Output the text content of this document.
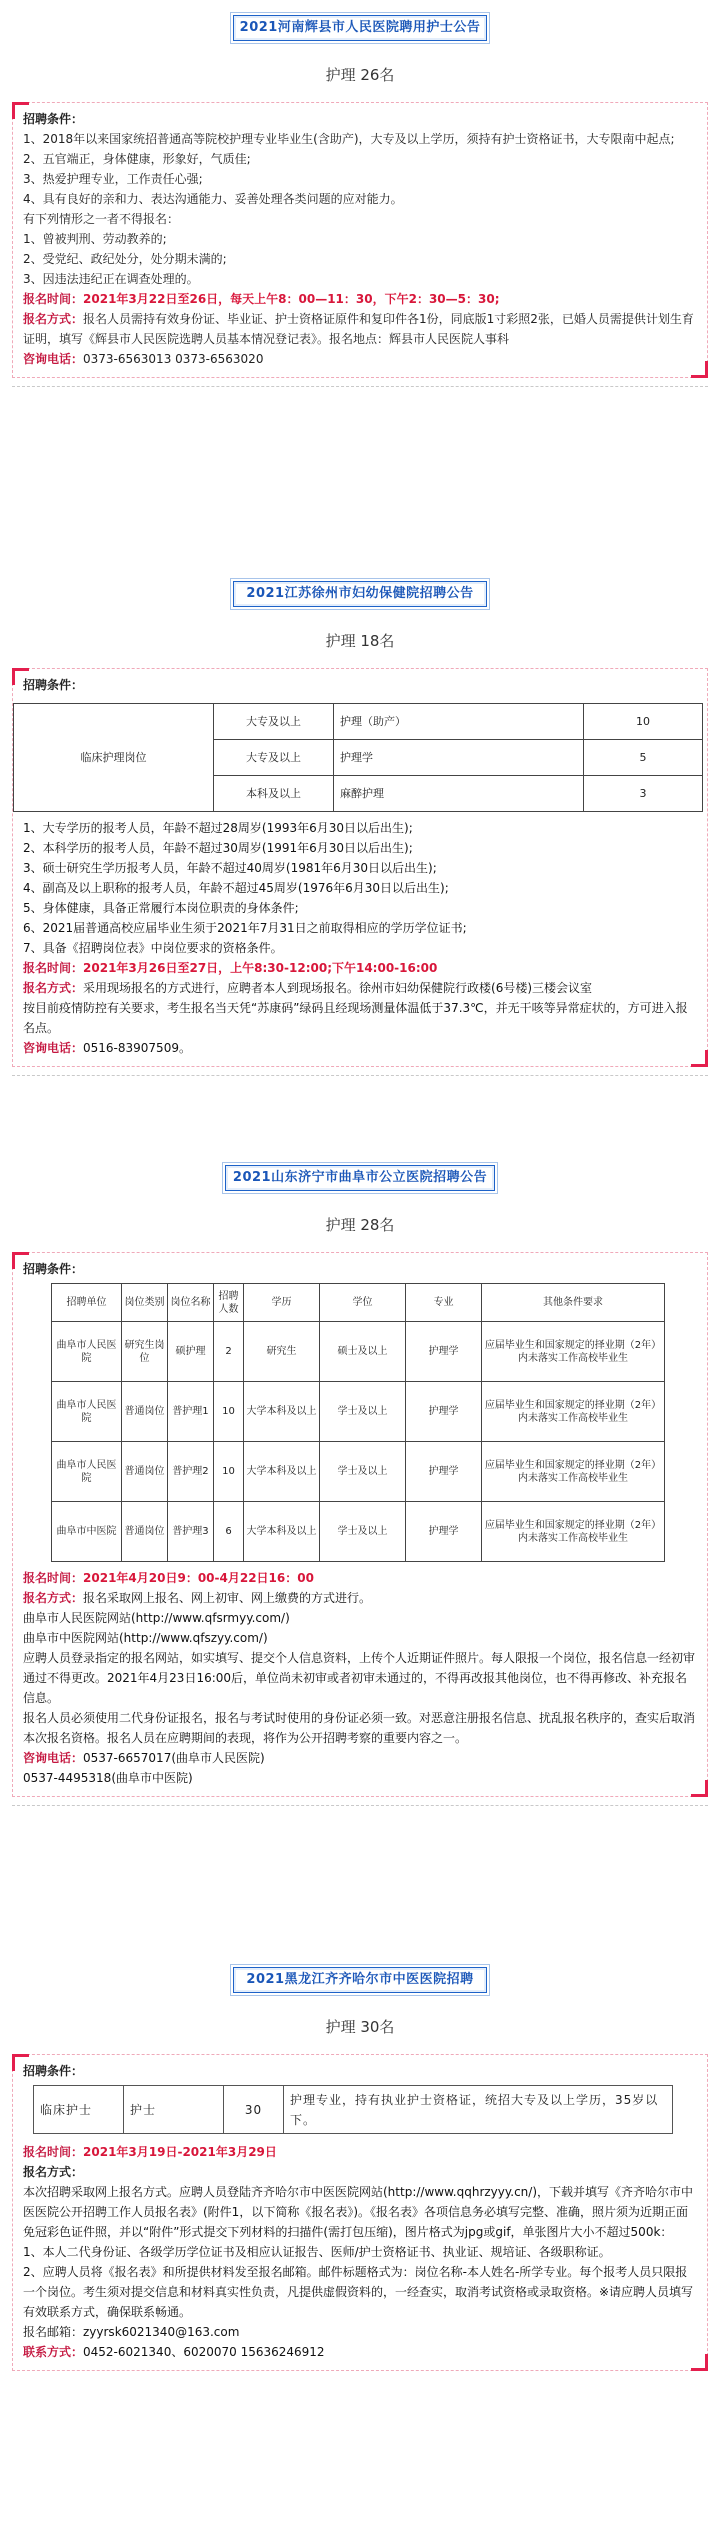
2021河南辉县市人民医院聘用护士公告
护理 26名
招聘条件：
1、2018年以来国家统招普通高等院校护理专业毕业生(含助产)，大专及以上学历，须持有护士资格证书，大专限南中起点;
2、五官端正，身体健康，形象好，气质佳;
3、热爱护理专业，工作责任心强;
4、具有良好的亲和力、表达沟通能力、妥善处理各类问题的应对能力。
有下列情形之一者不得报名：
1、曾被判刑、劳动教养的;
2、受党纪、政纪处分，处分期未满的;
3、因违法违纪正在调查处理的。
报名时间：2021年3月22日至26日，每天上午8：00—11：30，下午2：30—5：30;
报名方式：报名人员需持有效身份证、毕业证、护士资格证原件和复印件各1份，同底版1寸彩照2张，已婚人员需提供计划生育证明，填写《辉县市人民医院选聘人员基本情况登记表》。报名地点：辉县市人民医院人事科
咨询电话：0373-6563013 0373-6563020
2021江苏徐州市妇幼保健院招聘公告
护理 18名
招聘条件：
临床护理岗位	大专及以上	护理（助产）	10
	大专及以上	护理学	5
	本科及以上	麻醉护理	3
1、大专学历的报考人员，年龄不超过28周岁(1993年6月30日以后出生);
2、本科学历的报考人员，年龄不超过30周岁(1991年6月30日以后出生);
3、硕士研究生学历报考人员，年龄不超过40周岁(1981年6月30日以后出生);
4、副高及以上职称的报考人员，年龄不超过45周岁(1976年6月30日以后出生);
5、身体健康，具备正常履行本岗位职责的身体条件;
6、2021届普通高校应届毕业生须于2021年7月31日之前取得相应的学历学位证书;
7、具备《招聘岗位表》中岗位要求的资格条件。
报名时间：2021年3月26日至27日，上午8:30-12:00;下午14:00-16:00
报名方式：采用现场报名的方式进行，应聘者本人到现场报名。徐州市妇幼保健院行政楼(6号楼)三楼会议室
按目前疫情防控有关要求，考生报名当天凭“苏康码”绿码且经现场测量体温低于37.3℃，并无干咳等异常症状的，方可进入报名点。
咨询电话：0516-83907509。
2021山东济宁市曲阜市公立医院招聘公告
护理 28名
招聘条件：
招聘单位	岗位类别	岗位名称	招聘人数	学历	学位	专业	其他条件要求
曲阜市人民医院	研究生岗位	硕护理	2	研究生	硕士及以上	护理学	应届毕业生和国家规定的择业期（2年）内未落实工作高校毕业生
曲阜市人民医院	普通岗位	普护理1	10	大学本科及以上	学士及以上	护理学	应届毕业生和国家规定的择业期（2年）内未落实工作高校毕业生
曲阜市人民医院	普通岗位	普护理2	10	大学本科及以上	学士及以上	护理学	应届毕业生和国家规定的择业期（2年）内未落实工作高校毕业生
曲阜市中医院	普通岗位	普护理3	6	大学本科及以上	学士及以上	护理学	应届毕业生和国家规定的择业期（2年）内未落实工作高校毕业生
报名时间：2021年4月20日9：00-4月22日16：00
报名方式：报名采取网上报名、网上初审、网上缴费的方式进行。
曲阜市人民医院网站(http://www.qfsrmyy.com/)
曲阜市中医院网站(http://www.qfszyy.com/)
应聘人员登录指定的报名网站，如实填写、提交个人信息资料，上传个人近期证件照片。每人限报一个岗位，报名信息一经初审通过不得更改。2021年4月23日16:00后，单位尚未初审或者初审未通过的，不得再改报其他岗位，也不得再修改、补充报名信息。
报名人员必须使用二代身份证报名，报名与考试时使用的身份证必须一致。对恶意注册报名信息、扰乱报名秩序的，查实后取消本次报名资格。报名人员在应聘期间的表现，将作为公开招聘考察的重要内容之一。
咨询电话：0537-6657017(曲阜市人民医院)
0537-4495318(曲阜市中医院)
2021黑龙江齐齐哈尔市中医医院招聘
护理 30名
招聘条件：
临床护士	护士	30	护理专业，持有执业护士资格证，统招大专及以上学历，35岁以下。
报名时间：2021年3月19日-2021年3月29日
报名方式：
本次招聘采取网上报名方式。应聘人员登陆齐齐哈尔市中医医院网站(http://www.qqhrzyyy.cn/)，下载并填写《齐齐哈尔市中医医院公开招聘工作人员报名表》(附件1，以下简称《报名表》)。《报名表》各项信息务必填写完整、准确，照片须为近期正面免冠彩色证件照，并以“附件”形式提交下列材料的扫描件(需打包压缩)，图片格式为jpg或gif，单张图片大小不超过500k：
1、本人二代身份证、各级学历学位证书及相应认证报告、医师/护士资格证书、执业证、规培证、各级职称证。
2、应聘人员将《报名表》和所提供材料发至报名邮箱。邮件标题格式为：岗位名称-本人姓名-所学专业。每个报考人员只限报一个岗位。考生须对提交信息和材料真实性负责，凡提供虚假资料的，一经查实，取消考试资格或录取资格。※请应聘人员填写有效联系方式，确保联系畅通。
报名邮箱：zyyrsk6021340@163.com
联系方式：0452-6021340、6020070 15636246912
